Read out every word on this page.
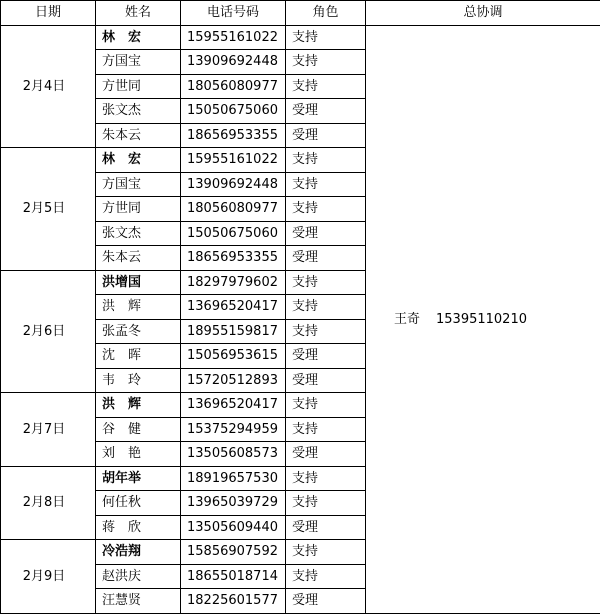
日期	姓名	电话号码	角色	总协调
2月4日	林　宏	15955161022	支持	王奇 15395110210
	方国宝	13909692448	支持	
	方世同	18056080977	支持	
	张文杰	15050675060	受理	
	朱本云	18656953355	受理	
2月5日	林　宏	15955161022	支持	
	方国宝	13909692448	支持	
	方世同	18056080977	支持	
	张文杰	15050675060	受理	
	朱本云	18656953355	受理	
2月6日	洪增国	18297979602	支持	
	洪　辉	13696520417	支持	
	张孟冬	18955159817	支持	
	沈　晖	15056953615	受理	
	韦　玲	15720512893	受理	
2月7日	洪　辉	13696520417	支持	
	谷　健	15375294959	支持	
	刘　艳	13505608573	受理	
2月8日	胡年举	18919657530	支持	
	何任秋	13965039729	支持	
	蒋　欣	13505609440	受理	
2月9日	冷浩翔	15856907592	支持	
	赵洪庆	18655018714	支持	
	汪慧贤	18225601577	受理	
